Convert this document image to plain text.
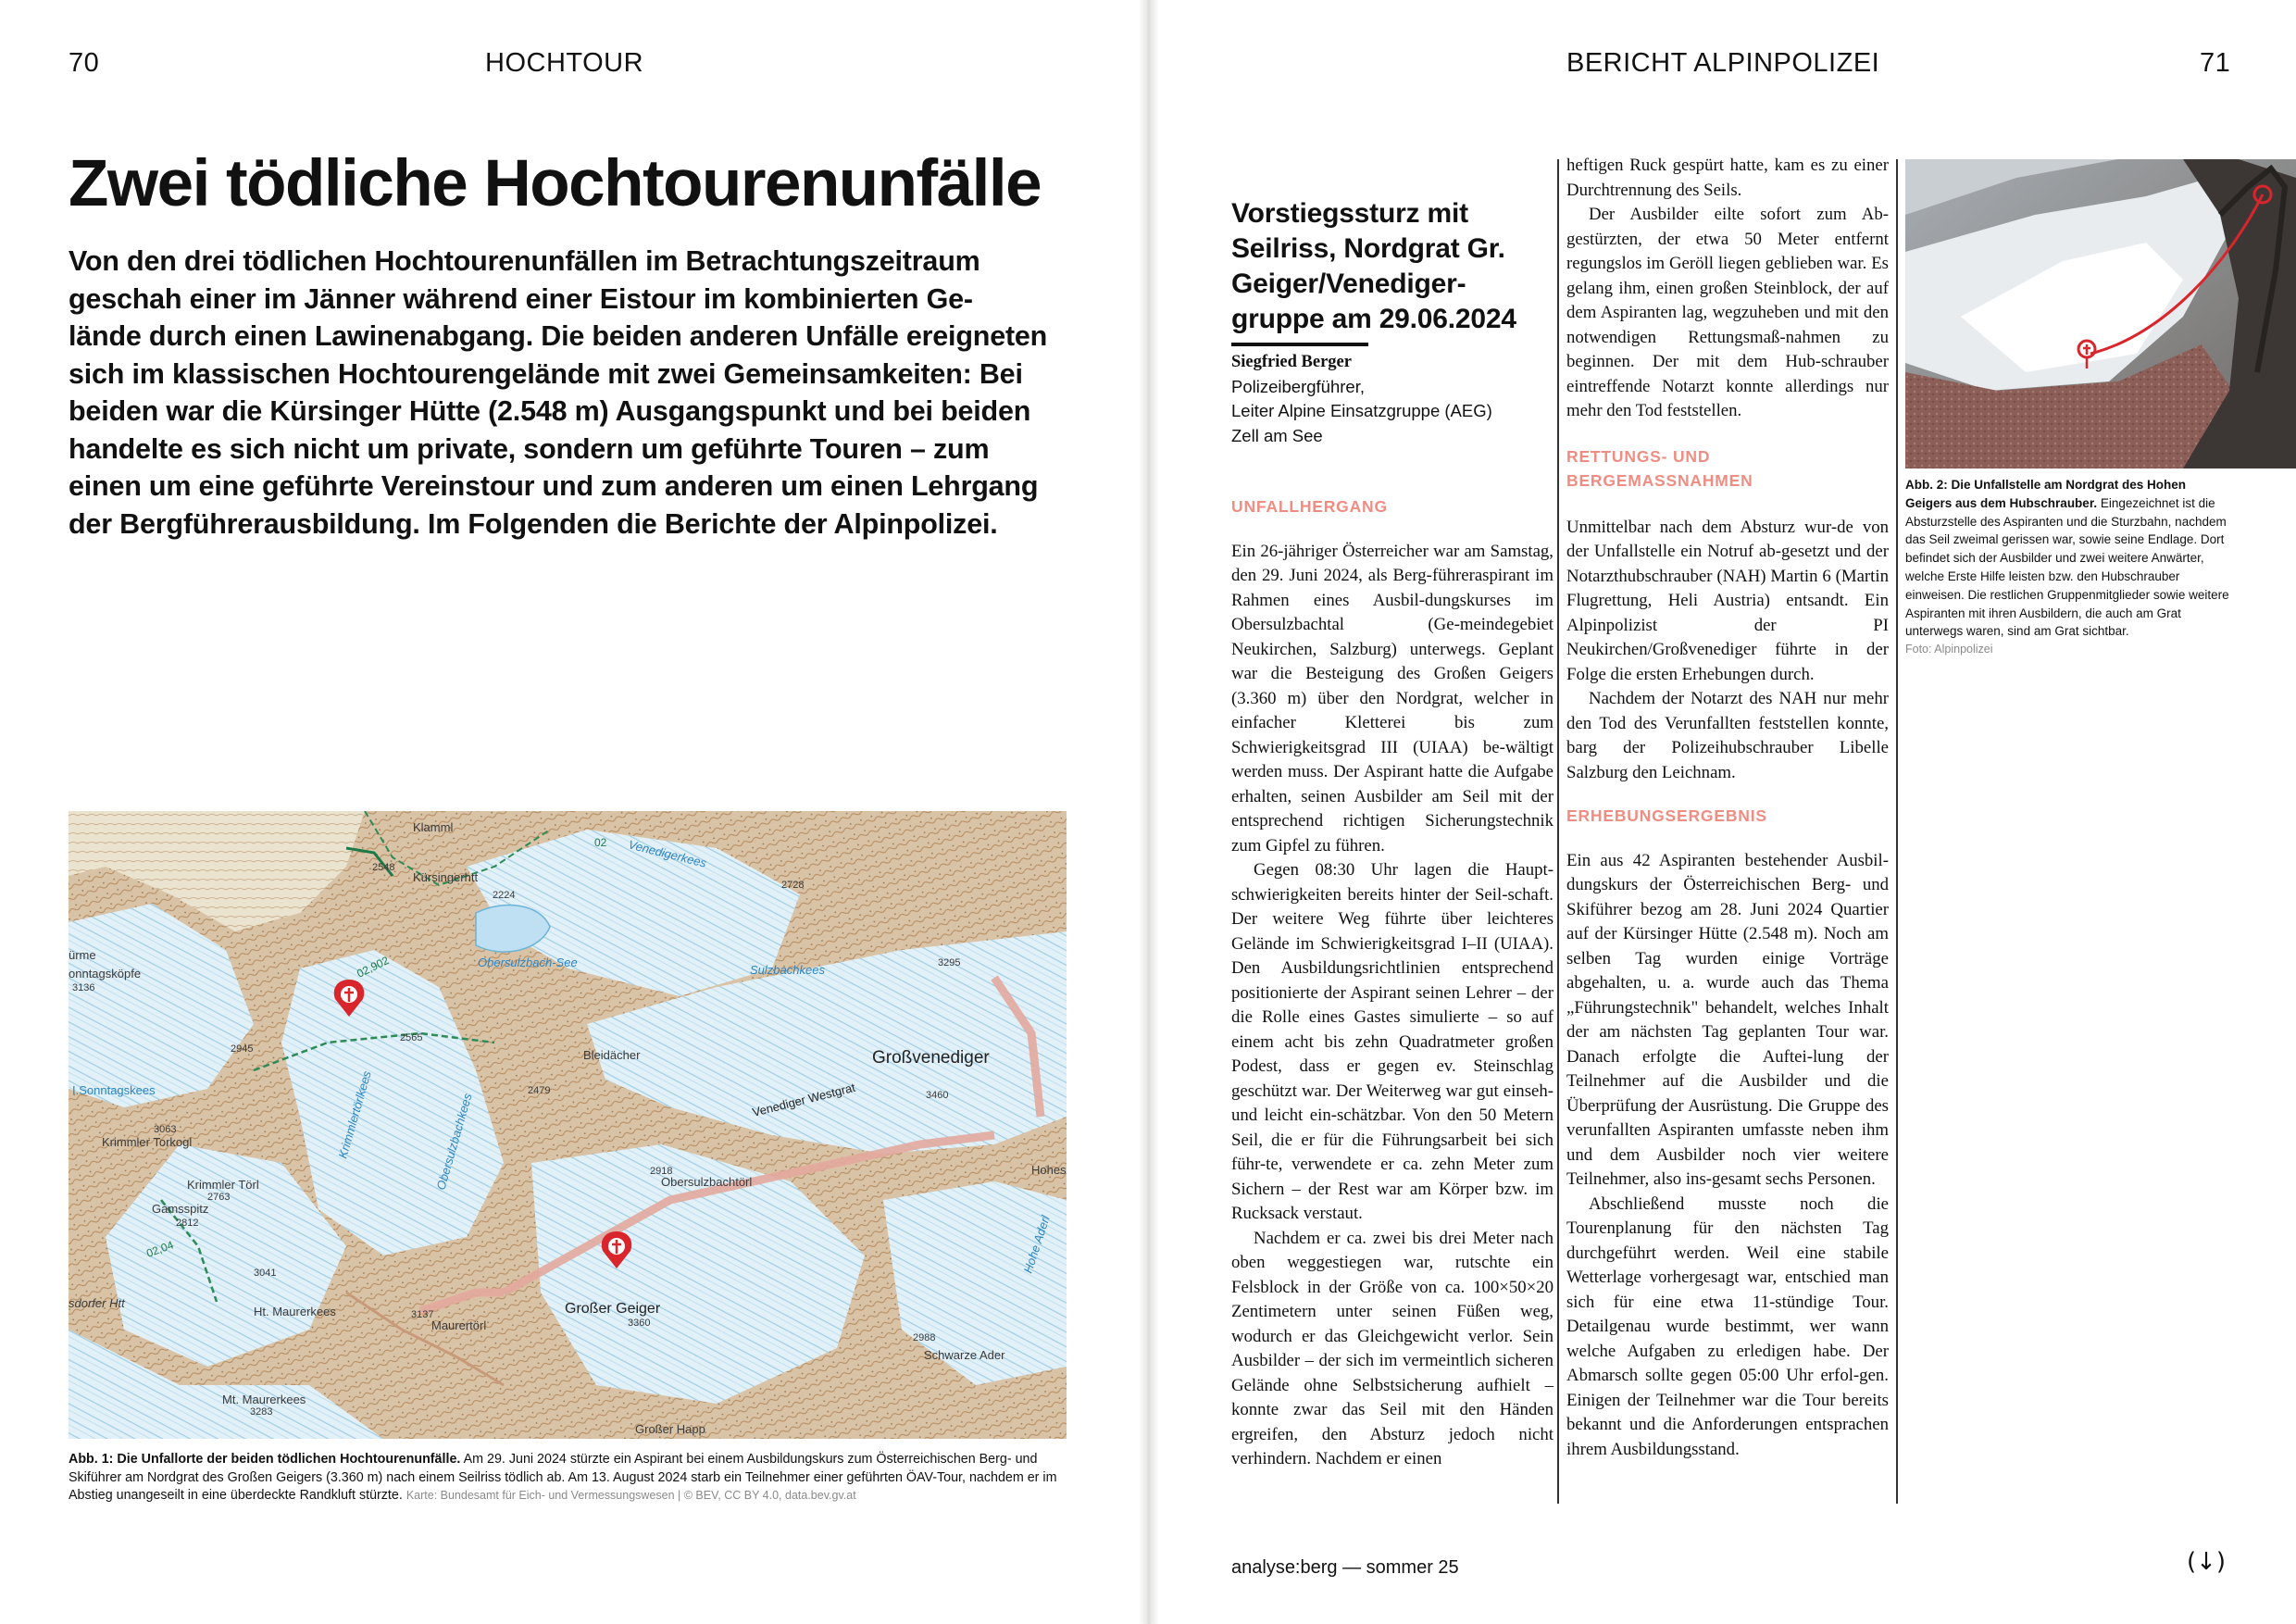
70	HOCHTOUR
Zwei tödliche Hochtourenunfälle

Von den drei tödlichen Hochtourenunfällen im Betrachtungszeitraum

geschah einer im Jänner während einer Eistour im kombinierten Ge-

lände durch einen Lawinenabgang. Die beiden anderen Unfälle ereigneten

sich im klassischen Hochtourengelände mit zwei Gemeinsamkeiten: Bei

beiden war die Kürsinger Hütte (2.548 m) Ausgangspunkt und bei beiden

handelte es sich nicht um private, sondern um geführte Touren – zum

einen um eine geführte Vereinstour und zum anderen um einen Lehrgang

der Bergführerausbildung. Im Folgenden die Berichte der Alpinpolizei.

Kürsingerhtt
2548
2224
2728
3295
2945
2565
2479	3460
3063
2918
2763
2812
3360
3041
3137
2988
3283
3136
Obersulzbach-See
Großvenediger
Venediger Westgrat
Großer Geiger
Obersulzbachtörl
Bleidächer
Krimmler Törl
Gamsspitz
Ht. Maurerkees
Mt. Maurerkees
Maurertörl
Schwarze Ader
Großer Happ
Hohes
I.Sonntagskees
onntagsköpfe
Krimmler Torkogl	Krimmlertörlkees	Obersulzbachkees
Venedigerkees
Sulzbachkees
Hohe Aderl
Klamml
ürme
sdorfer Htt
02
02,902
02,04
Abb. 1: Die Unfallorte der beiden tödlichen Hochtourenunfälle. Am 29. Juni 2024 stürzte ein Aspirant bei einem Ausbildungskurs zum Österreichischen Berg- und Skiführer am Nordgrat des Großen Geigers (3.360 m) nach einem Seilriss tödlich ab. Am 13. August 2024 starb ein Teilnehmer einer geführten ÖAV-Tour, nachdem er im Abstieg unangeseilt in eine überdeckte Randkluft stürzte. Karte: Bundesamt für Eich- und Vermessungswesen | © BEV, CC BY 4.0, data.bev.gv.at
BERICHT ALPINPOLIZEI	71
Vorstiegssturz mit Seilriss, Nordgrat Gr. Geiger/Venediger-gruppe am 29.06.2024
Siegfried Berger
Polizeibergführer,
Leiter Alpine Einsatzgruppe (AEG)
Zell am See
UNFALLHERGANG

Ein 26-jähriger Österreicher war am Samstag, den 29. Juni 2024, als Berg-führeraspirant im Rahmen eines Ausbil-dungskurses im Obersulzbachtal (Ge-meindegebiet Neukirchen, Salzburg) unterwegs. Geplant war die Besteigung des Großen Geigers (3.360 m) über den Nordgrat, welcher in einfacher Kletterei bis zum Schwierigkeitsgrad III (UIAA) be-wältigt werden muss. Der Aspirant hatte die Aufgabe erhalten, seinen Ausbilder am Seil mit der entsprechend richtigen Sicherungstechnik zum Gipfel zu führen.

Gegen 08:30 Uhr lagen die Haupt-schwierigkeiten bereits hinter der Seil-schaft. Der weitere Weg führte über leichteres Gelände im Schwierigkeitsgrad I–II (UIAA). Den Ausbildungsrichtlinien entsprechend positionierte der Aspirant seinen Lehrer – der die Rolle eines Gastes simulierte – so auf einem acht bis zehn Quadratmeter großen Podest, dass er gegen ev. Steinschlag geschützt war. Der Weiterweg war gut einseh- und leicht ein-schätzbar. Von den 50 Metern Seil, die er für die Führungsarbeit bei sich führ-te, verwendete er ca. zehn Meter zum Sichern – der Rest war am Körper bzw. im Rucksack verstaut.

Nachdem er ca. zwei bis drei Meter nach oben weggestiegen war, rutschte ein Felsblock in der Größe von ca. 100×50×20 Zentimetern unter seinen Füßen weg, wodurch er das Gleichgewicht verlor. Sein Ausbilder – der sich im vermeintlich sicheren Gelände ohne Selbstsicherung aufhielt – konnte zwar das Seil mit den Händen ergreifen, den Absturz jedoch nicht verhindern. Nachdem er einen

heftigen Ruck gespürt hatte, kam es zu einer Durchtrennung des Seils.

Der Ausbilder eilte sofort zum Ab-gestürzten, der etwa 50 Meter entfernt regungslos im Geröll liegen geblieben war. Es gelang ihm, einen großen Steinblock, der auf dem Aspiranten lag, wegzuheben und mit den notwendigen Rettungsmaß-nahmen zu beginnen. Der mit dem Hub-schrauber eintreffende Notarzt konnte allerdings nur mehr den Tod feststellen.

RETTUNGS- UND BERGEMASSNAHMEN

Unmittelbar nach dem Absturz wur-de von der Unfallstelle ein Notruf ab-gesetzt und der Notarzthubschrauber (NAH) Martin 6 (Martin Flugrettung, Heli Austria) entsandt. Ein Alpinpolizist der PI Neukirchen/Großvenediger führte in der Folge die ersten Erhebungen durch.

Nachdem der Notarzt des NAH nur mehr den Tod des Verunfallten feststellen konnte, barg der Polizeihubschrauber Libelle Salzburg den Leichnam.

ERHEBUNGSERGEBNIS

Ein aus 42 Aspiranten bestehender Ausbil-dungskurs der Österreichischen Berg- und Skiführer bezog am 28. Juni 2024 Quartier auf der Kürsinger Hütte (2.548 m). Noch am selben Tag wurden einige Vorträge abgehalten, u. a. wurde auch das Thema „Führungstechnik" behandelt, welches Inhalt der am nächsten Tag geplanten Tour war. Danach erfolgte die Auftei-lung der Teilnehmer auf die Ausbilder und die Überprüfung der Ausrüstung. Die Gruppe des verunfallten Aspiranten umfasste neben ihm und dem Ausbilder noch vier weitere Teilnehmer, also ins-gesamt sechs Personen.

Abschließend musste noch die Tourenplanung für den nächsten Tag durchgeführt werden. Weil eine stabile Wetterlage vorhergesagt war, entschied man sich für eine etwa 11-stündige Tour. Detailgenau wurde bestimmt, wer wann welche Aufgaben zu erledigen habe. Der Abmarsch sollte gegen 05:00 Uhr erfol-gen. Einigen der Teilnehmer war die Tour bereits bekannt und die Anforderungen entsprachen ihrem Ausbildungsstand.

Abb. 2: Die Unfallstelle am Nordgrat des Hohen Geigers aus dem Hubschrauber. Eingezeichnet ist die Absturzstelle des Aspiranten und die Sturzbahn, nachdem das Seil zweimal gerissen war, sowie seine Endlage. Dort befindet sich der Ausbilder und zwei weitere Anwärter, welche Erste Hilfe leisten bzw. den Hubschrauber einweisen. Die restlichen Gruppenmitglieder sowie weitere Aspiranten mit ihren Ausbildern, die auch am Grat unterwegs waren, sind am Grat sichtbar.
Foto: Alpinpolizei
analyse:berg — sommer 25	(↓)
